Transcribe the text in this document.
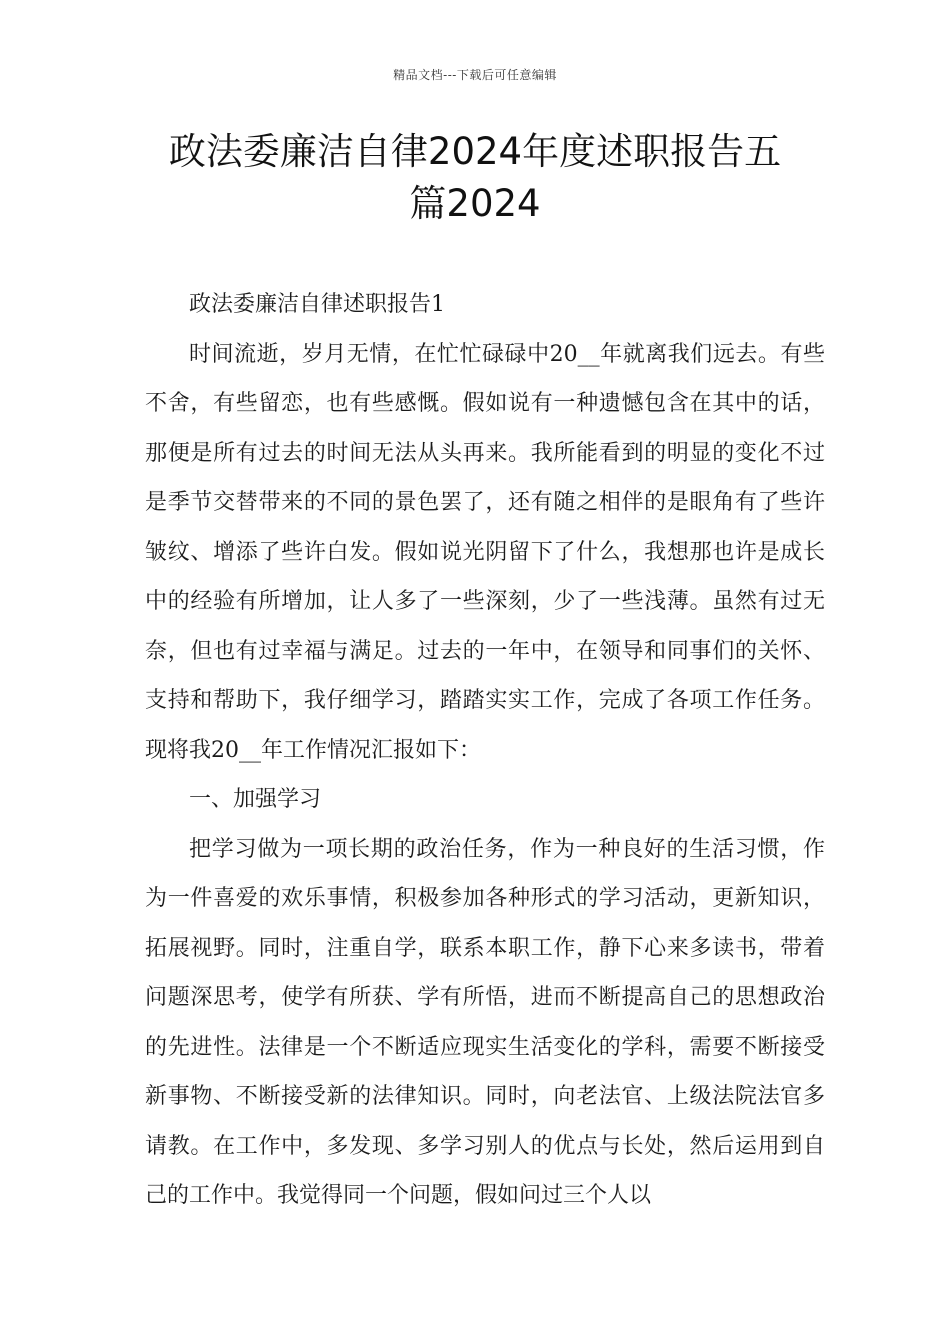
精品文档---下载后可任意编辑
政法委廉洁自律2024年度述职报告五
篇2024

政法委廉洁自律述职报告1

时间流逝，岁月无情，在忙忙碌碌中20__年就离我们远去。有些不舍，有些留恋，也有些感慨。假如说有一种遗憾包含在其中的话，那便是所有过去的时间无法从头再来。我所能看到的明显的变化不过是季节交替带来的不同的景色罢了，还有随之相伴的是眼角有了些许皱纹、增添了些许白发。假如说光阴留下了什么，我想那也许是成长中的经验有所增加，让人多了一些深刻，少了一些浅薄。虽然有过无奈，但也有过幸福与满足。过去的一年中，在领导和同事们的关怀、支持和帮助下，我仔细学习，踏踏实实工作，完成了各项工作任务。现将我20__年工作情况汇报如下：

一、加强学习

把学习做为一项长期的政治任务，作为一种良好的生活习惯，作为一件喜爱的欢乐事情，积极参加各种形式的学习活动，更新知识，拓展视野。同时，注重自学，联系本职工作，静下心来多读书，带着问题深思考，使学有所获、学有所悟，进而不断提高自己的思想政治的先进性。法律是一个不断适应现实生活变化的学科，需要不断接受新事物、不断接受新的法律知识。同时，向老法官、上级法院法官多请教。在工作中，多发现、多学习别人的优点与长处，然后运用到自己的工作中。我觉得同一个问题，假如问过三个人以
